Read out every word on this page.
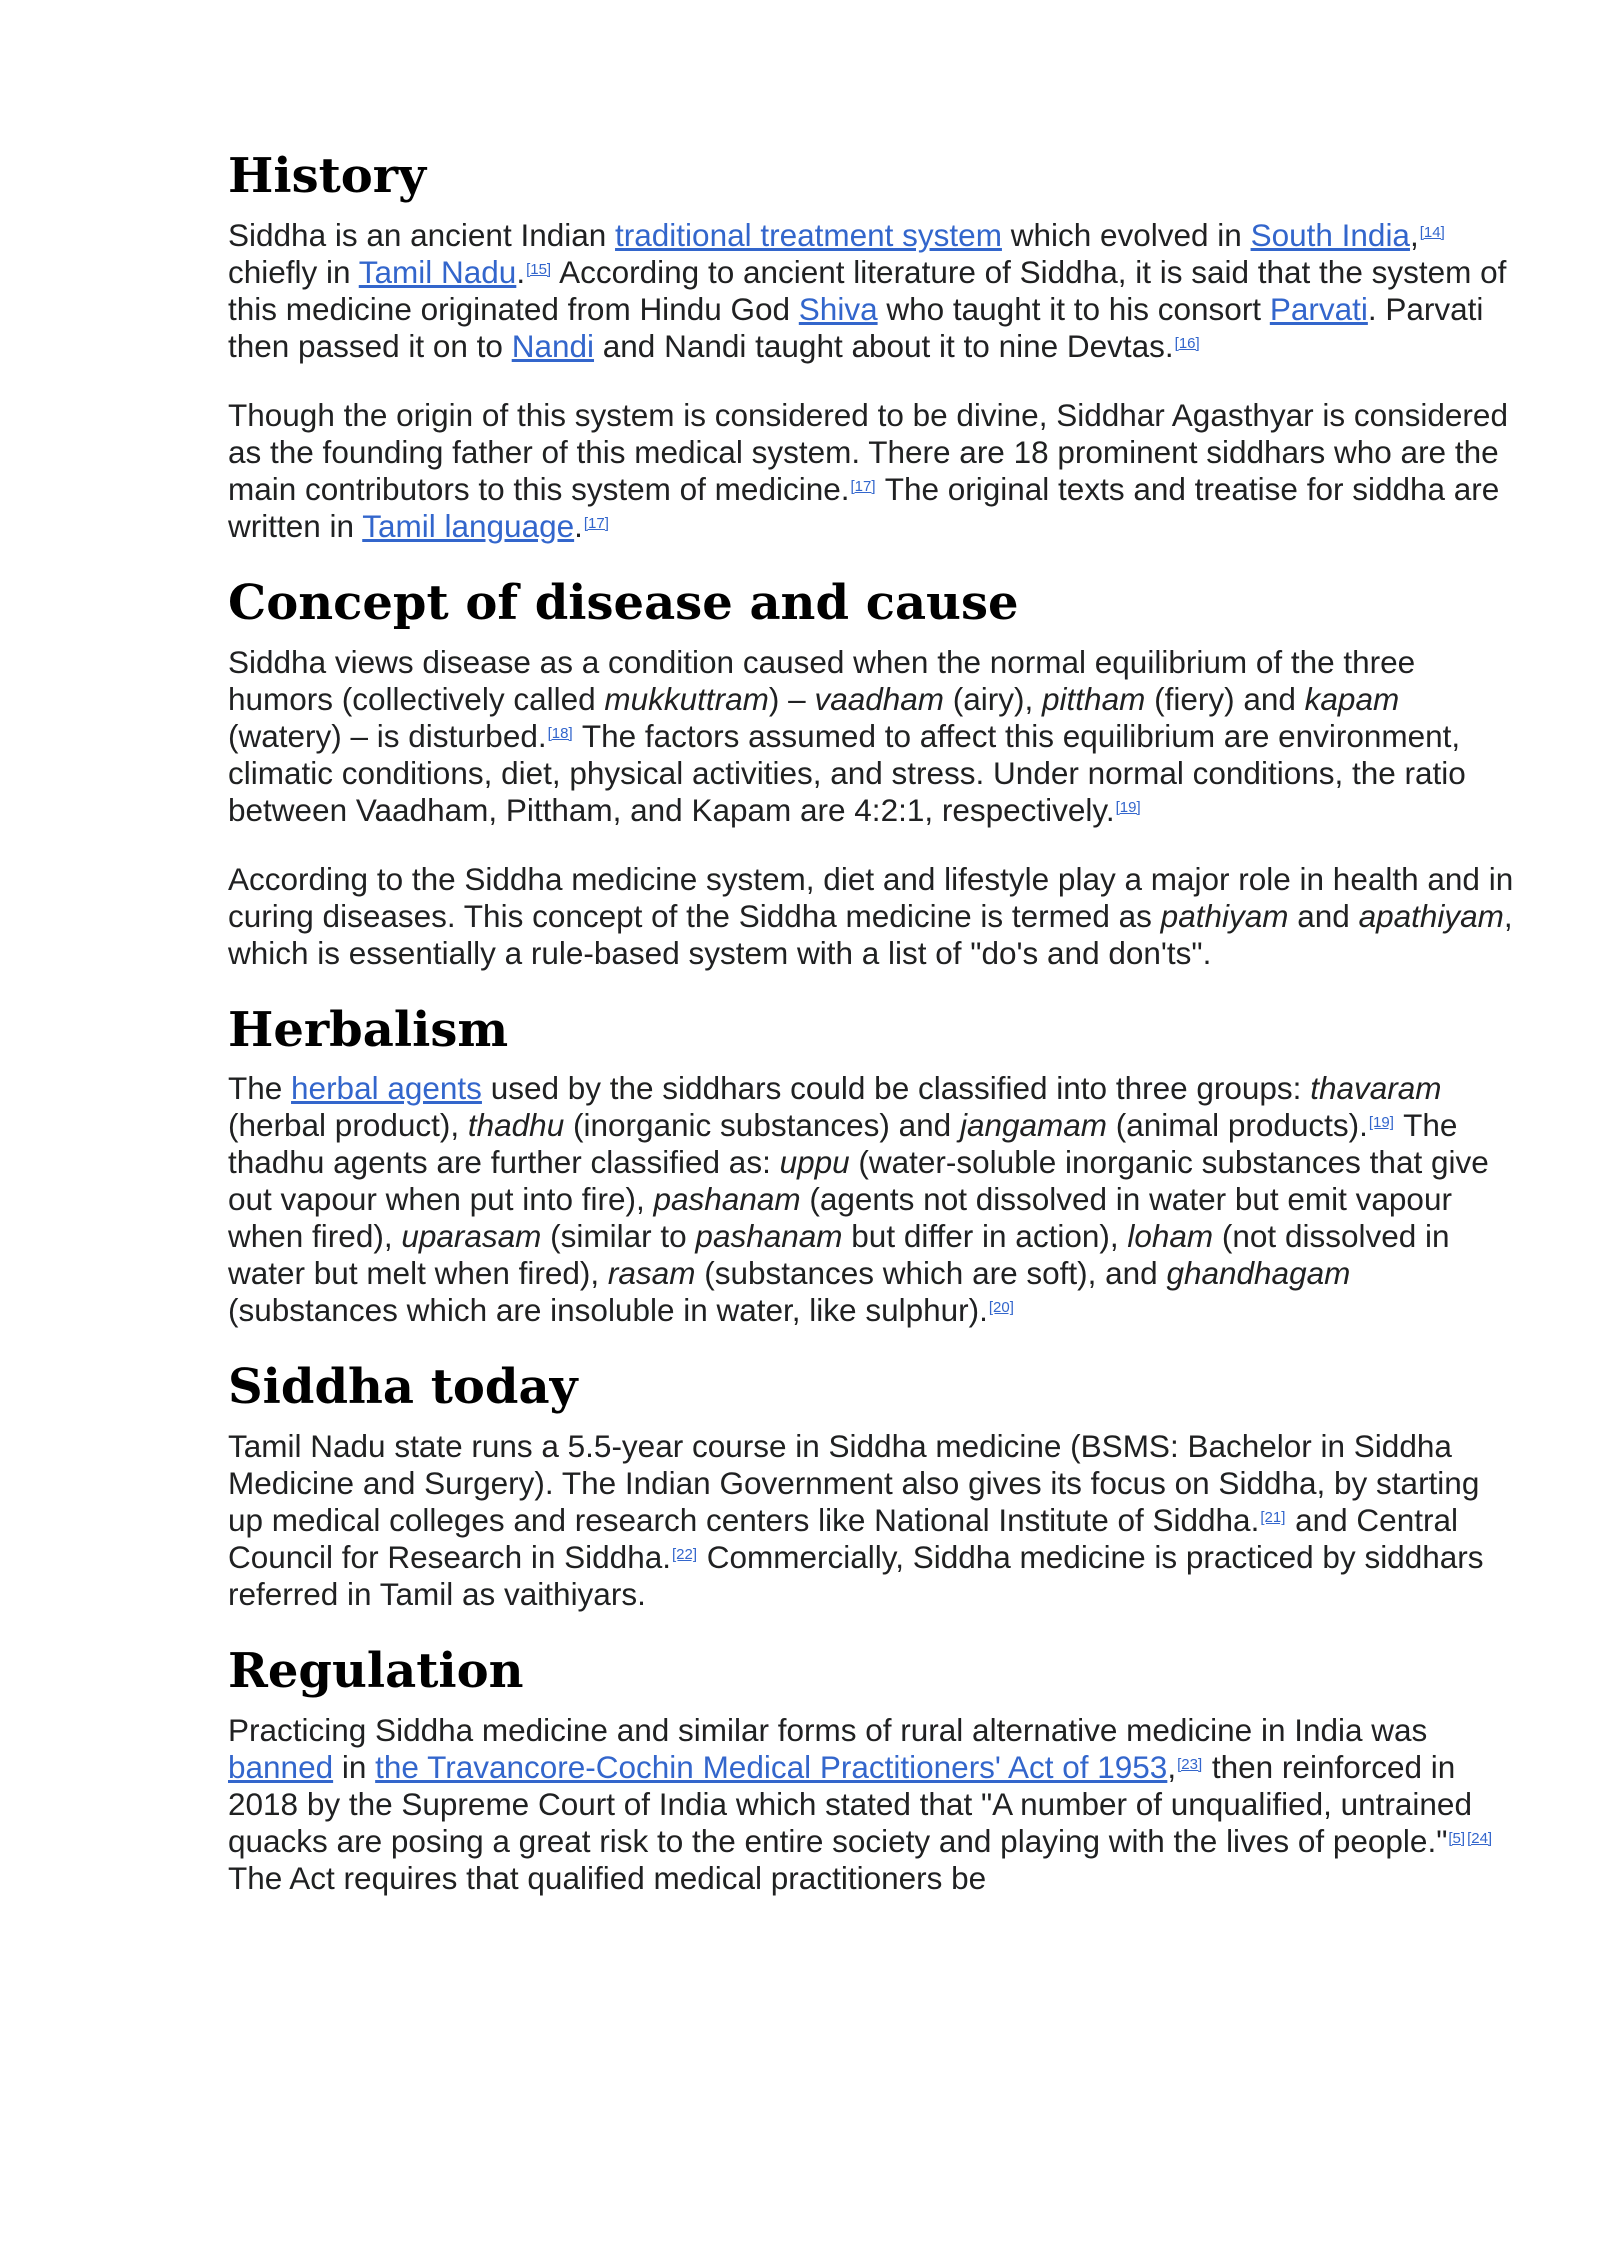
History

Siddha is an ancient Indian traditional treatment system which evolved in South India,[14] chiefly in Tamil Nadu.[15] According to ancient literature of Siddha, it is said that the system of this medicine originated from Hindu God Shiva who taught it to his consort Parvati. Parvati then passed it on to Nandi and Nandi taught about it to nine Devtas.[16]

Though the origin of this system is considered to be divine, Siddhar Agasthyar is considered as the founding father of this medical system. There are 18 prominent siddhars who are the main contributors to this system of medicine.[17] The original texts and treatise for siddha are written in Tamil language.[17]

Concept of disease and cause

Siddha views disease as a condition caused when the normal equilibrium of the three humors (collectively called mukkuttram) – vaadham (airy), pittham (fiery) and kapam (watery) – is disturbed.[18] The factors assumed to affect this equilibrium are environment, climatic conditions, diet, physical activities, and stress. Under normal conditions, the ratio between Vaadham, Pittham, and Kapam are 4:2:1, respectively.[19]

According to the Siddha medicine system, diet and lifestyle play a major role in health and in curing diseases. This concept of the Siddha medicine is termed as pathiyam and apathiyam, which is essentially a rule-based system with a list of "do's and don'ts".

Herbalism

The herbal agents used by the siddhars could be classified into three groups: thavaram (herbal product), thadhu (inorganic substances) and jangamam (animal products).[19] The thadhu agents are further classified as: uppu (water-soluble inorganic substances that give out vapour when put into fire), pashanam (agents not dissolved in water but emit vapour when fired), uparasam (similar to pashanam but differ in action), loham (not dissolved in water but melt when fired), rasam (substances which are soft), and ghandhagam (substances which are insoluble in water, like sulphur).[20]

Siddha today

Tamil Nadu state runs a 5.5-year course in Siddha medicine (BSMS: Bachelor in Siddha Medicine and Surgery). The Indian Government also gives its focus on Siddha, by starting up medical colleges and research centers like National Institute of Siddha.[21] and Central Council for Research in Siddha.[22] Commercially, Siddha medicine is practiced by siddhars referred in Tamil as vaithiyars.

Regulation

Practicing Siddha medicine and similar forms of rural alternative medicine in India was banned in the Travancore-Cochin Medical Practitioners' Act of 1953,[23] then reinforced in 2018 by the Supreme Court of India which stated that "A number of unqualified, untrained quacks are posing a great risk to the entire society and playing with the lives of people."[5] [24] The Act requires that qualified medical practitioners be
